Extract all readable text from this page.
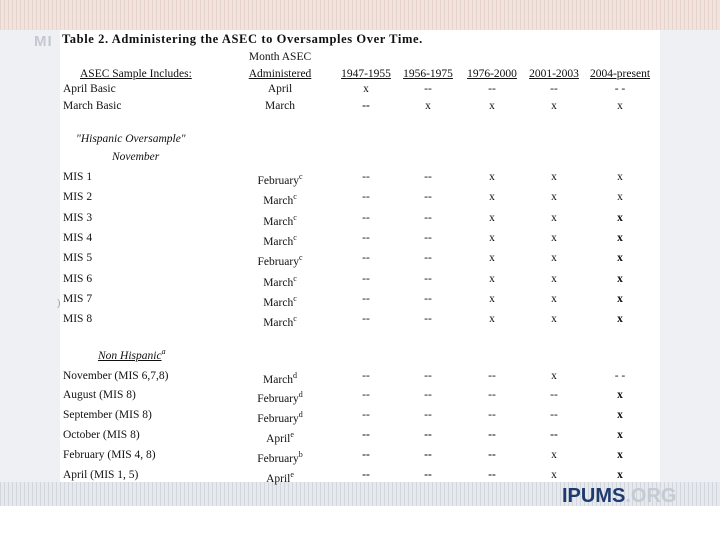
MI
)
IPUMS.ORG
Table 2. Administering the ASEC to Oversamples Over Time.
Month ASEC
ASEC Sample Includes:	Administered	1947-1955 1956-1975 1976-2000 2001-2003 2004-present
April Basic	April	x	--	--	--	- -
March Basic	March	--	x	x	x	x
"Hispanic Oversample"
November
MIS 1	February$^c$	--	--	x	x	x
MIS 2	March$^c$	--	--	x	x	x
MIS 3	March$^c$	--	--	x	x	x
MIS 4	March$^c$	--	--	x	x	x
MIS 5	February$^c$	--	--	x	x	x
MIS 6	March$^c$	--	--	x	x	x
MIS 7	March$^c$	--	--	x	x	x
MIS 8	March$^c$	--	--	x	x	x
Non Hispanic$^a$
November (MIS 6,7,8)	March$^d$	--	--	--	x	- -
August (MIS 8)	February$^d$	--	--	--	--	x
September (MIS 8)	February$^d$	--	--	--	--	x
October (MIS 8)	April$^e$	--	--	--	--	x
February (MIS 4, 8)	February$^b$	--	--	--	x	x
April (MIS 1, 5)	April$^e$	--	--	--	x	x
